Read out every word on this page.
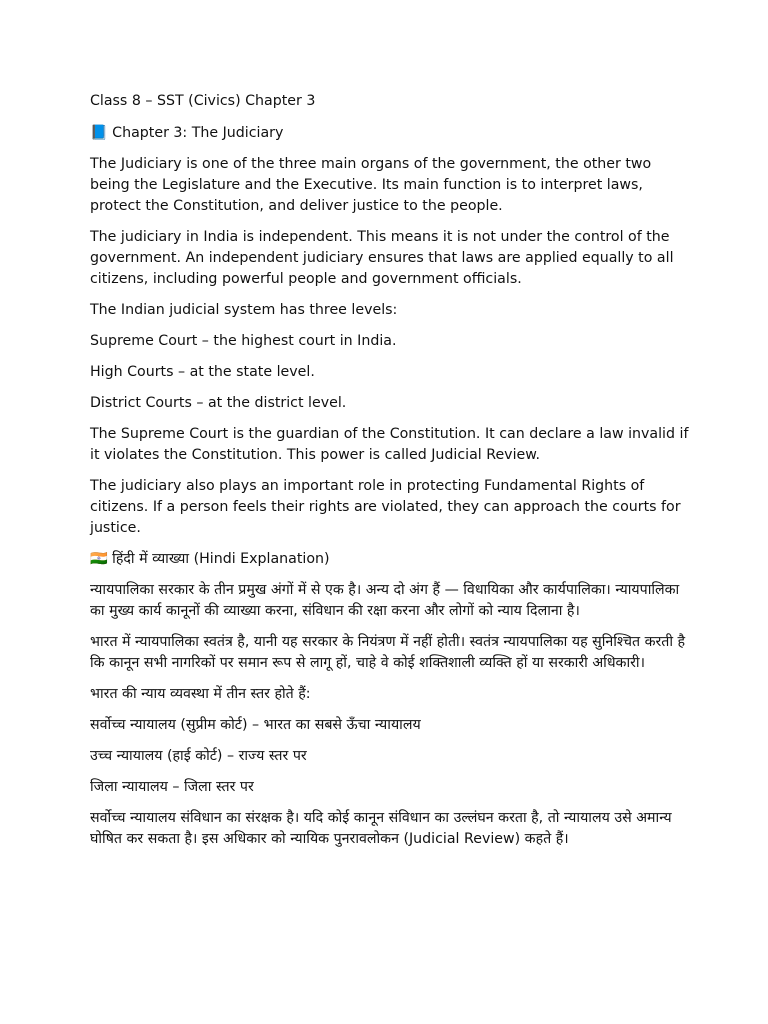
Class 8 – SST (Civics) Chapter 3

📘 Chapter 3: The Judiciary

The Judiciary is one of the three main organs of the government, the other two being the Legislature and the Executive. Its main function is to interpret laws, protect the Constitution, and deliver justice to the people.

The judiciary in India is independent. This means it is not under the control of the government. An independent judiciary ensures that laws are applied equally to all citizens, including powerful people and government officials.

The Indian judicial system has three levels:

Supreme Court – the highest court in India.

High Courts – at the state level.

District Courts – at the district level.

The Supreme Court is the guardian of the Constitution. It can declare a law invalid if it violates the Constitution. This power is called Judicial Review.

The judiciary also plays an important role in protecting Fundamental Rights of citizens. If a person feels their rights are violated, they can approach the courts for justice.

🇮🇳 हिंदी में व्याख्या (Hindi Explanation)

न्यायपालिका सरकार के तीन प्रमुख अंगों में से एक है। अन्य दो अंग हैं — विधायिका और कार्यपालिका। न्यायपालिका का मुख्य कार्य कानूनों की व्याख्या करना, संविधान की रक्षा करना और लोगों को न्याय दिलाना है।

भारत में न्यायपालिका स्वतंत्र है, यानी यह सरकार के नियंत्रण में नहीं होती। स्वतंत्र न्यायपालिका यह सुनिश्चित करती है कि कानून सभी नागरिकों पर समान रूप से लागू हों, चाहे वे कोई शक्तिशाली व्यक्ति हों या सरकारी अधिकारी।

भारत की न्याय व्यवस्था में तीन स्तर होते हैं:

सर्वोच्च न्यायालय (सुप्रीम कोर्ट) – भारत का सबसे ऊँचा न्यायालय

उच्च न्यायालय (हाई कोर्ट) – राज्य स्तर पर

जिला न्यायालय – जिला स्तर पर

सर्वोच्च न्यायालय संविधान का संरक्षक है। यदि कोई कानून संविधान का उल्लंघन करता है, तो न्यायालय उसे अमान्य घोषित कर सकता है। इस अधिकार को न्यायिक पुनरावलोकन (Judicial Review) कहते हैं।
